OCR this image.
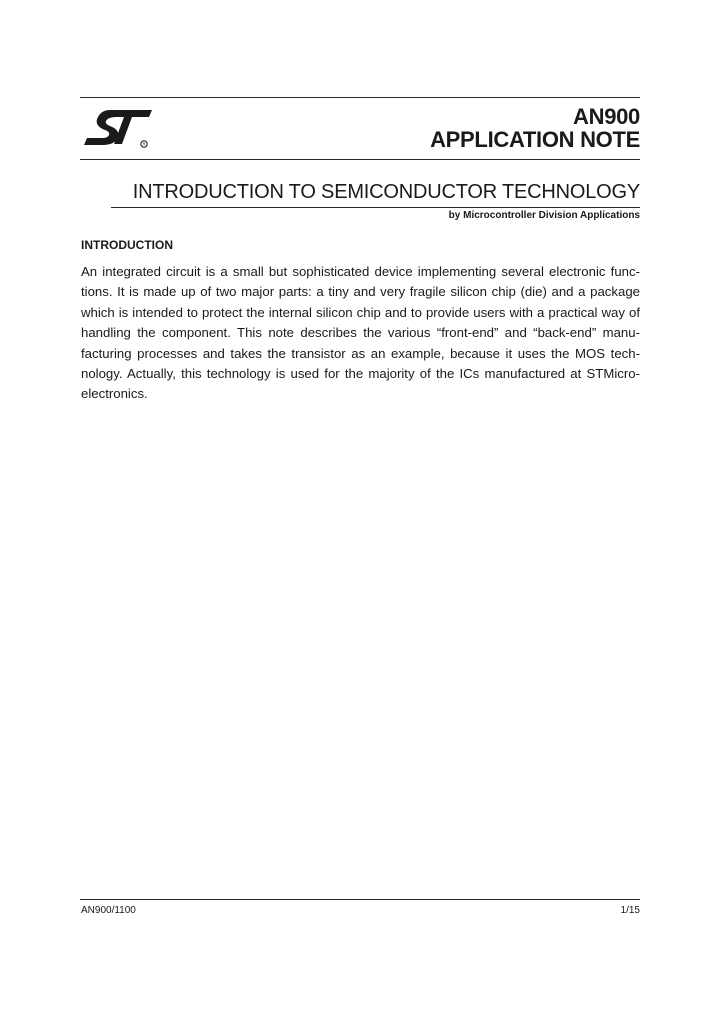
R
AN900
APPLICATION NOTE
INTRODUCTION TO SEMICONDUCTOR TECHNOLOGY
by Microcontroller Division Applications
INTRODUCTION

An integrated circuit is a small but sophisticated device implementing several electronic functions. It is made up of two major parts: a tiny and very fragile silicon chip (die) and a package which is intended to protect the internal silicon chip and to provide users with a practical way of handling the component. This note describes the various “front-end” and “back-end” manufacturing processes and takes the transistor as an example, because it uses the MOS technology. Actually, this technology is used for the majority of the ICs manufactured at STMicroelectronics.

AN900/1100	1/15
